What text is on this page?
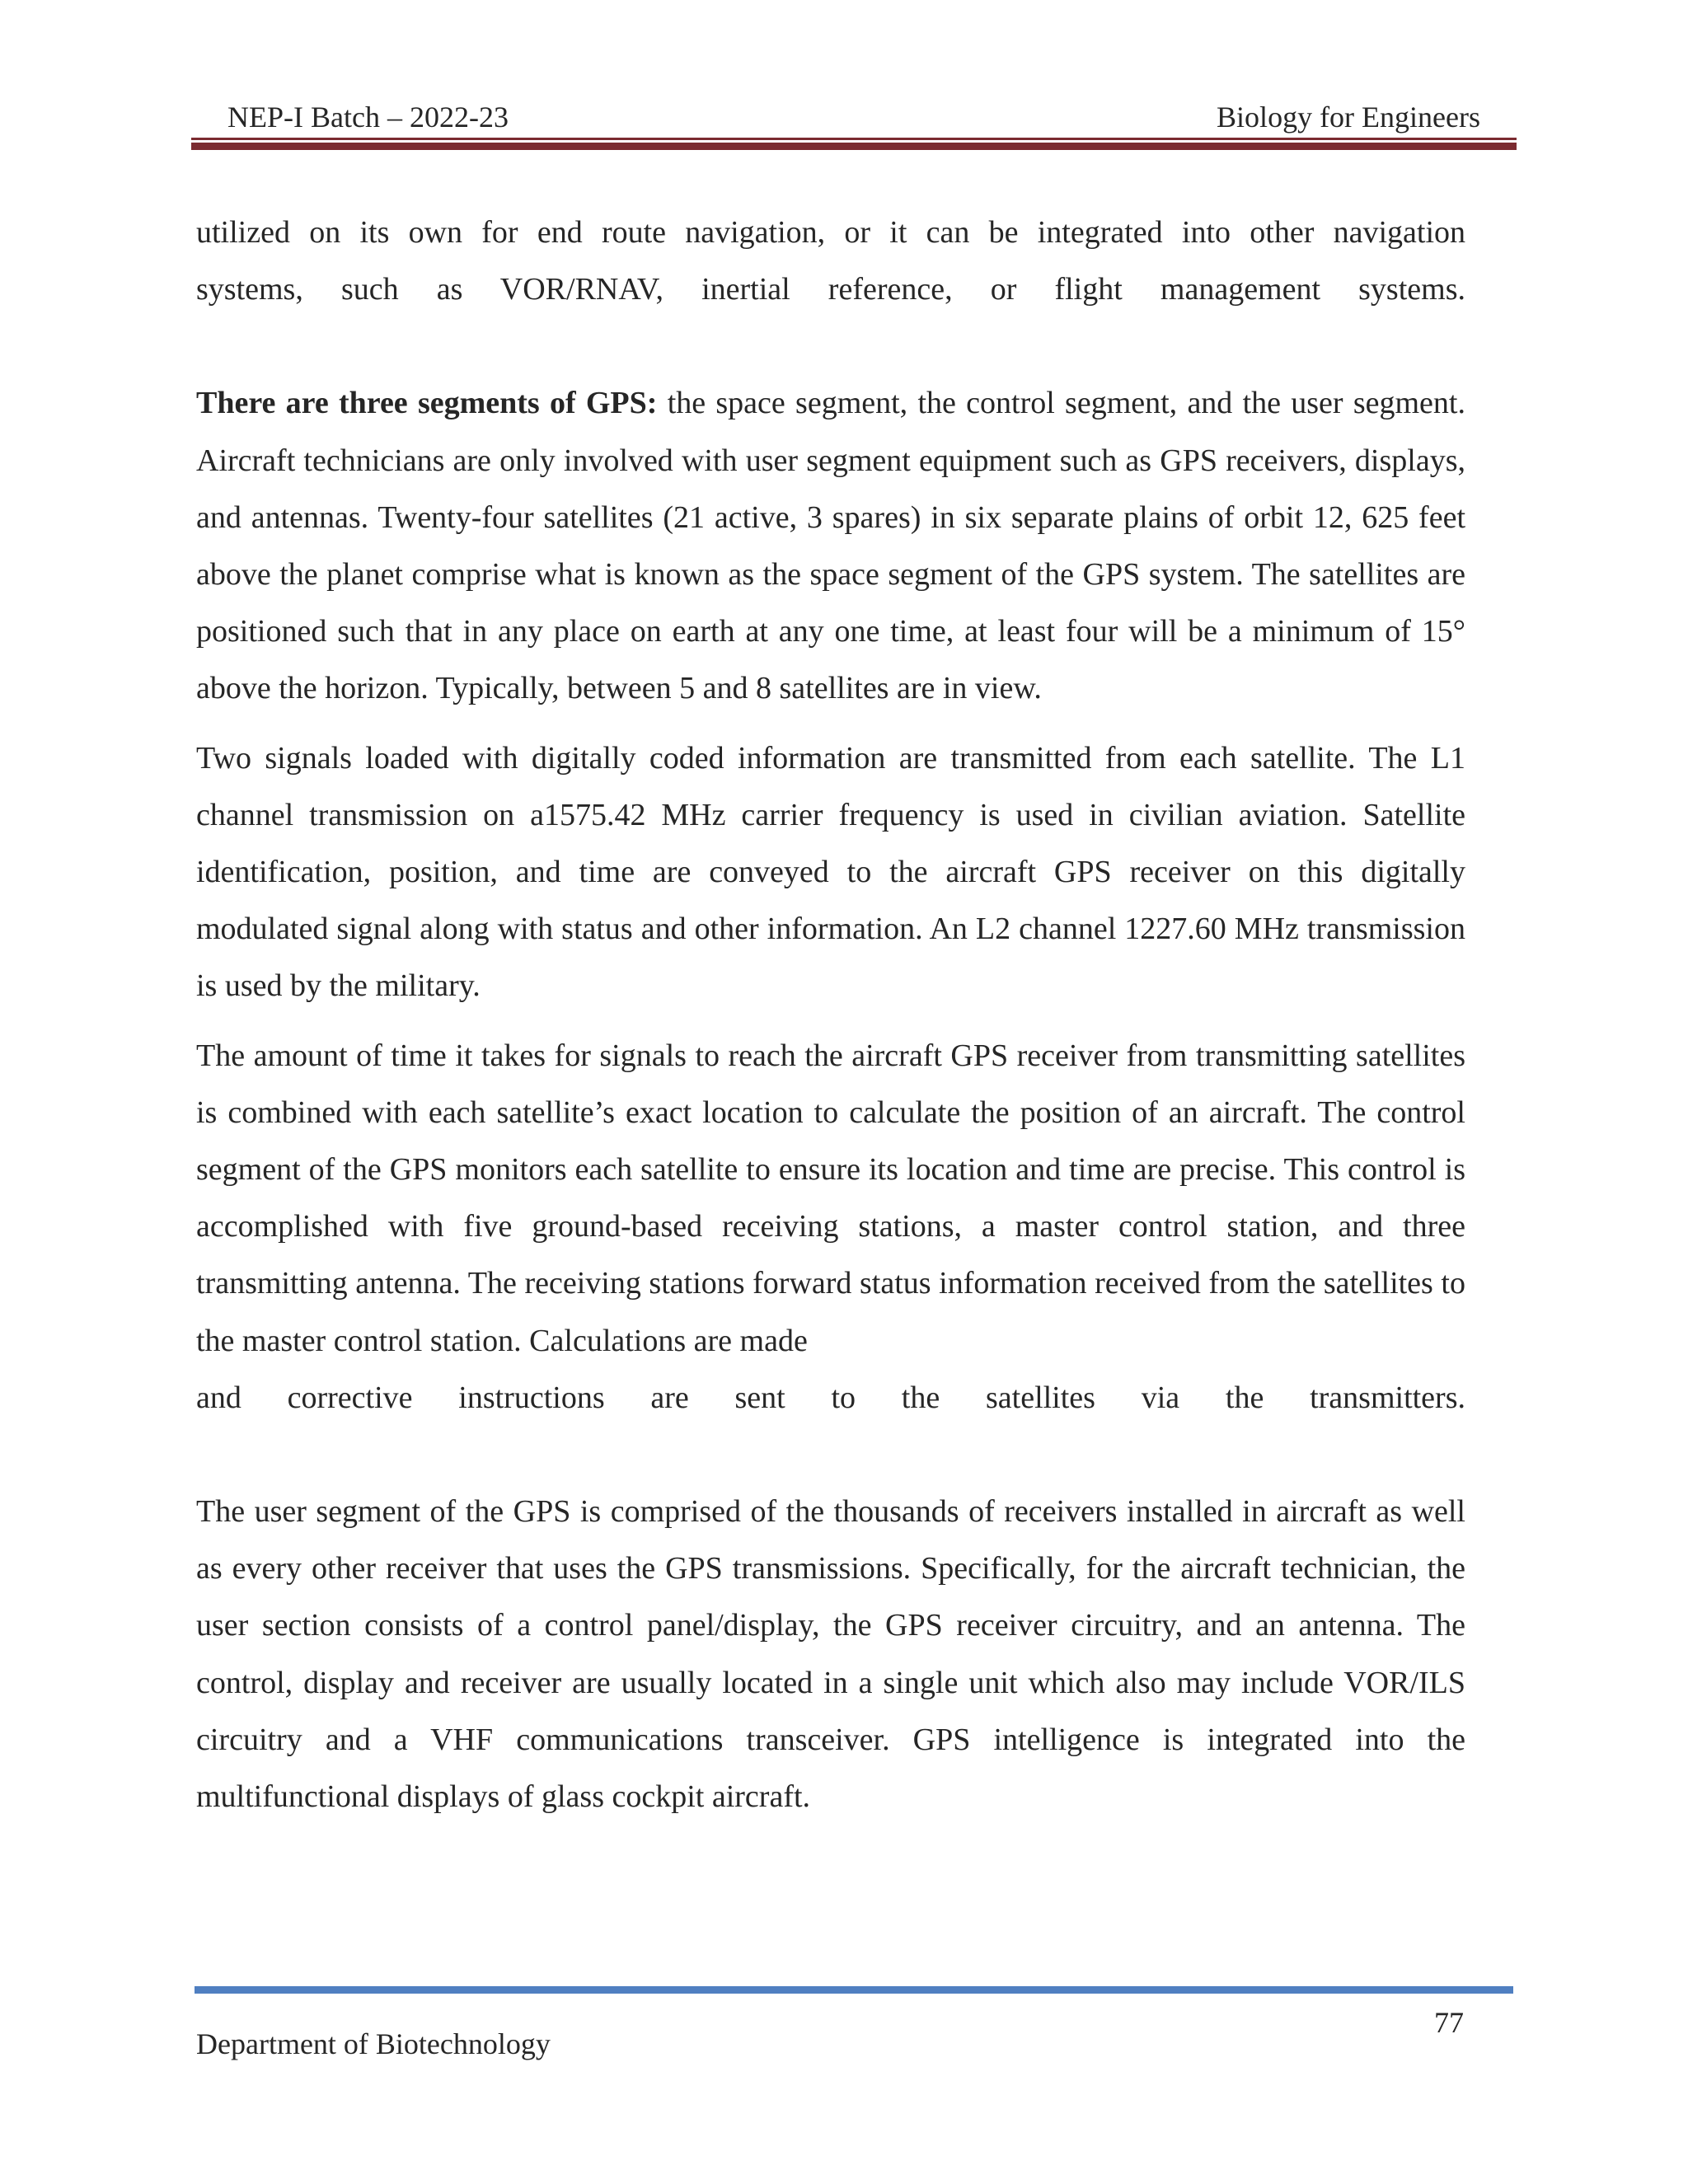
NEP-I Batch – 2022-23	Biology for Engineers

utilized on its own for end route navigation, or it can be integrated into other navigation

systems, such as VOR/RNAV, inertial reference, or flight management systems.

There are three segments of GPS: the space segment, the control segment, and the user segment. Aircraft technicians are only involved with user segment equipment such as GPS receivers, displays, and antennas. Twenty-four satellites (21 active, 3 spares) in six separate plains of orbit 12, 625 feet above the planet comprise what is known as the space segment of the GPS system. The satellites are positioned such that in any place on earth at any one time, at least four will be a minimum of 15° above the horizon. Typically, between 5 and 8 satellites are in view.

Two signals loaded with digitally coded information are transmitted from each satellite. The L1 channel transmission on a1575.42 MHz carrier frequency is used in civilian aviation. Satellite identification, position, and time are conveyed to the aircraft GPS receiver on this digitally modulated signal along with status and other information. An L2 channel 1227.60 MHz transmission is used by the military.

The amount of time it takes for signals to reach the aircraft GPS receiver from transmitting satellites is combined with each satellite’s exact location to calculate the position of an aircraft. The control segment of the GPS monitors each satellite to ensure its location and time are precise. This control is accomplished with five ground-based receiving stations, a master control station, and three transmitting antenna. The receiving stations forward status information received from the satellites to the master control station. Calculations are made

and corrective instructions are sent to the satellites via the transmitters.

The user segment of the GPS is comprised of the thousands of receivers installed in aircraft as well as every other receiver that uses the GPS transmissions. Specifically, for the aircraft technician, the user section consists of a control panel/display, the GPS receiver circuitry, and an antenna. The control, display and receiver are usually located in a single unit which also may include VOR/ILS circuitry and a VHF communications transceiver. GPS intelligence is integrated into the multifunctional displays of glass cockpit aircraft.

77
Department of Biotechnology
